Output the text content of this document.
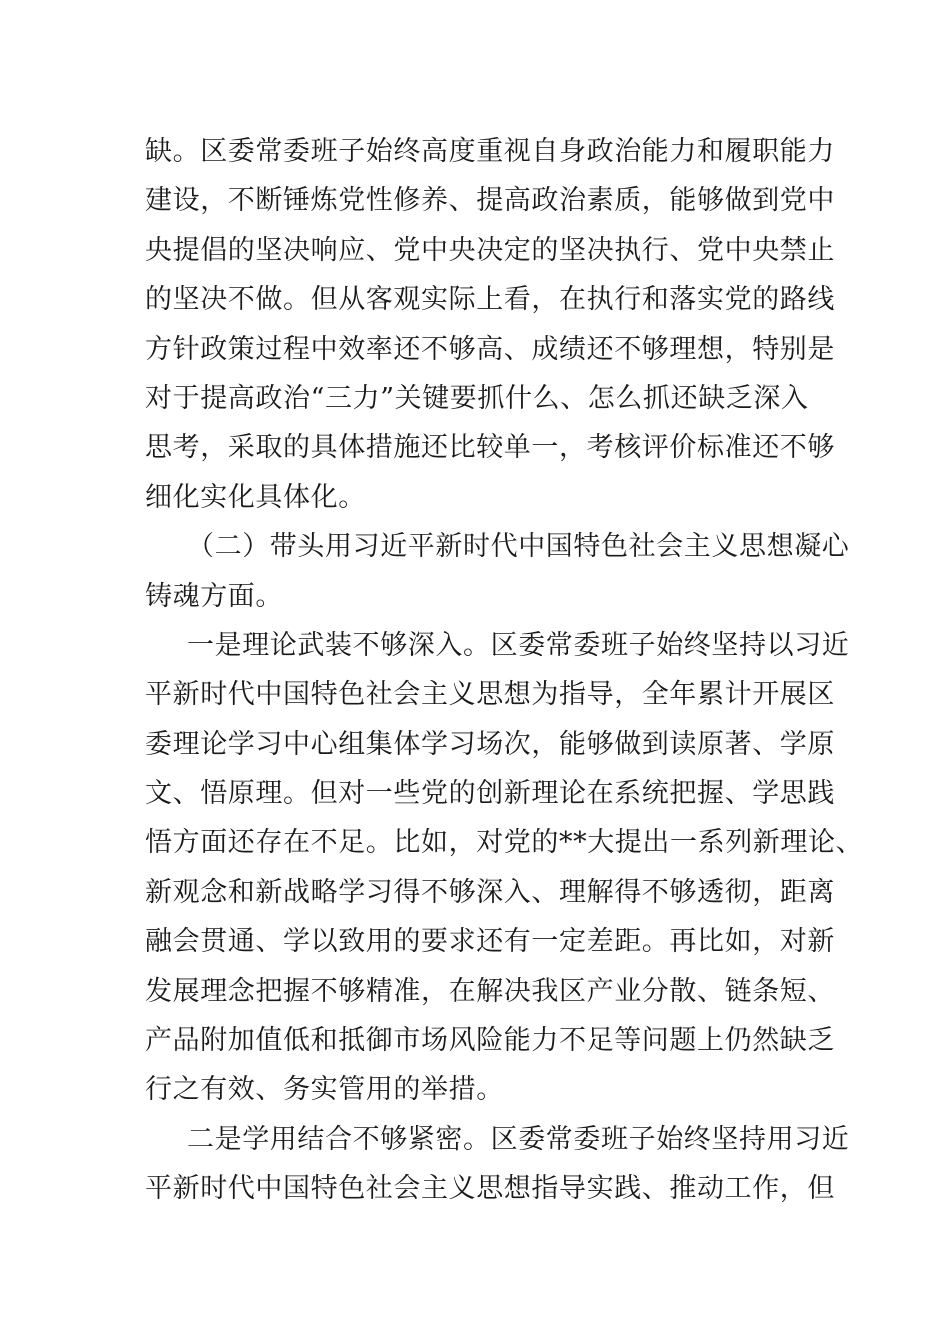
缺。区委常委班子始终高度重视自身政治能力和履职能力
建设，不断锤炼党性修养、提高政治素质，能够做到党中
央提倡的坚决响应、党中央决定的坚决执行、党中央禁止
的坚决不做。但从客观实际上看，在执行和落实党的路线
方针政策过程中效率还不够高、成绩还不够理想，特别是
对于提高政治“三力”关键要抓什么、怎么抓还缺乏深入
思考，采取的具体措施还比较单一，考核评价标准还不够
细化实化具体化。
（二）带头用习近平新时代中国特色社会主义思想凝心
铸魂方面。
一是理论武装不够深入。区委常委班子始终坚持以习近
平新时代中国特色社会主义思想为指导，全年累计开展区
委理论学习中心组集体学习场次，能够做到读原著、学原
文、悟原理。但对一些党的创新理论在系统把握、学思践
悟方面还存在不足。比如，对党的**大提出一系列新理论、
新观念和新战略学习得不够深入、理解得不够透彻，距离
融会贯通、学以致用的要求还有一定差距。再比如，对新
发展理念把握不够精准，在解决我区产业分散、链条短、
产品附加值低和抵御市场风险能力不足等问题上仍然缺乏
行之有效、务实管用的举措。
二是学用结合不够紧密。区委常委班子始终坚持用习近
平新时代中国特色社会主义思想指导实践、推动工作，但
